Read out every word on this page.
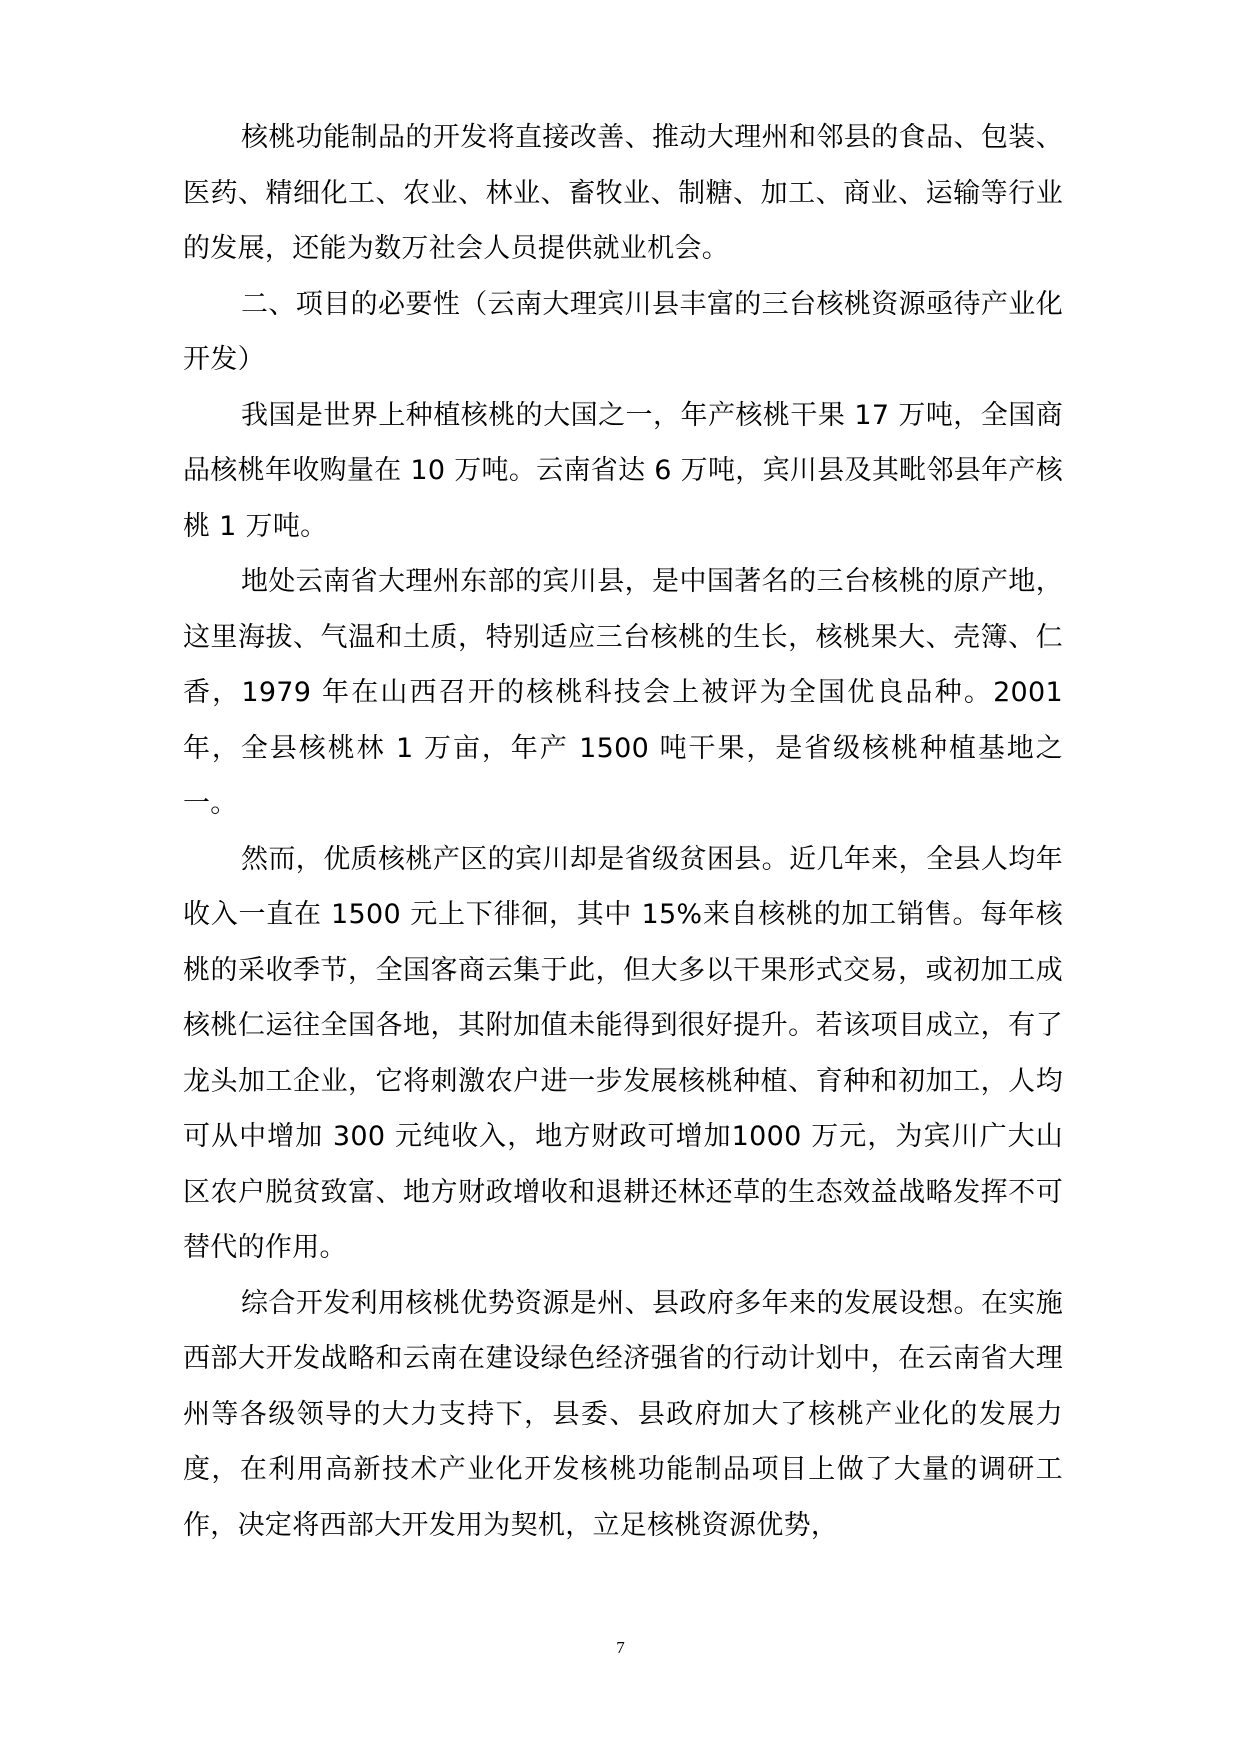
核桃功能制品的开发将直接改善、推动大理州和邻县的食品、包装、医药、精细化工、农业、林业、畜牧业、制糖、加工、商业、运输等行业的发展，还能为数万社会人员提供就业机会。

二、项目的必要性（云南大理宾川县丰富的三台核桃资源亟待产业化开发）

我国是世界上种植核桃的大国之一，年产核桃干果 17 万吨，全国商品核桃年收购量在 10 万吨。云南省达 6 万吨，宾川县及其毗邻县年产核桃 1 万吨。

地处云南省大理州东部的宾川县，是中国著名的三台核桃的原产地，这里海拔、气温和土质，特别适应三台核桃的生长，核桃果大、壳簿、仁香，1979 年在山西召开的核桃科技会上被评为全国优良品种。2001 年，全县核桃林 1 万亩，年产 1500 吨干果，是省级核桃种植基地之一。

然而，优质核桃产区的宾川却是省级贫困县。近几年来，全县人均年收入一直在 1500 元上下徘徊，其中 15%来自核桃的加工销售。每年核桃的采收季节，全国客商云集于此，但大多以干果形式交易，或初加工成核桃仁运往全国各地，其附加值未能得到很好提升。若该项目成立，有了龙头加工企业，它将刺激农户进一步发展核桃种植、育种和初加工，人均可从中增加 300 元纯收入，地方财政可增加1000 万元，为宾川广大山区农户脱贫致富、地方财政增收和退耕还林还草的生态效益战略发挥不可替代的作用。

综合开发利用核桃优势资源是州、县政府多年来的发展设想。在实施西部大开发战略和云南在建设绿色经济强省的行动计划中，在云南省大理州等各级领导的大力支持下，县委、县政府加大了核桃产业化的发展力度，在利用高新技术产业化开发核桃功能制品项目上做了大量的调研工作，决定将西部大开发用为契机，立足核桃资源优势，

7
